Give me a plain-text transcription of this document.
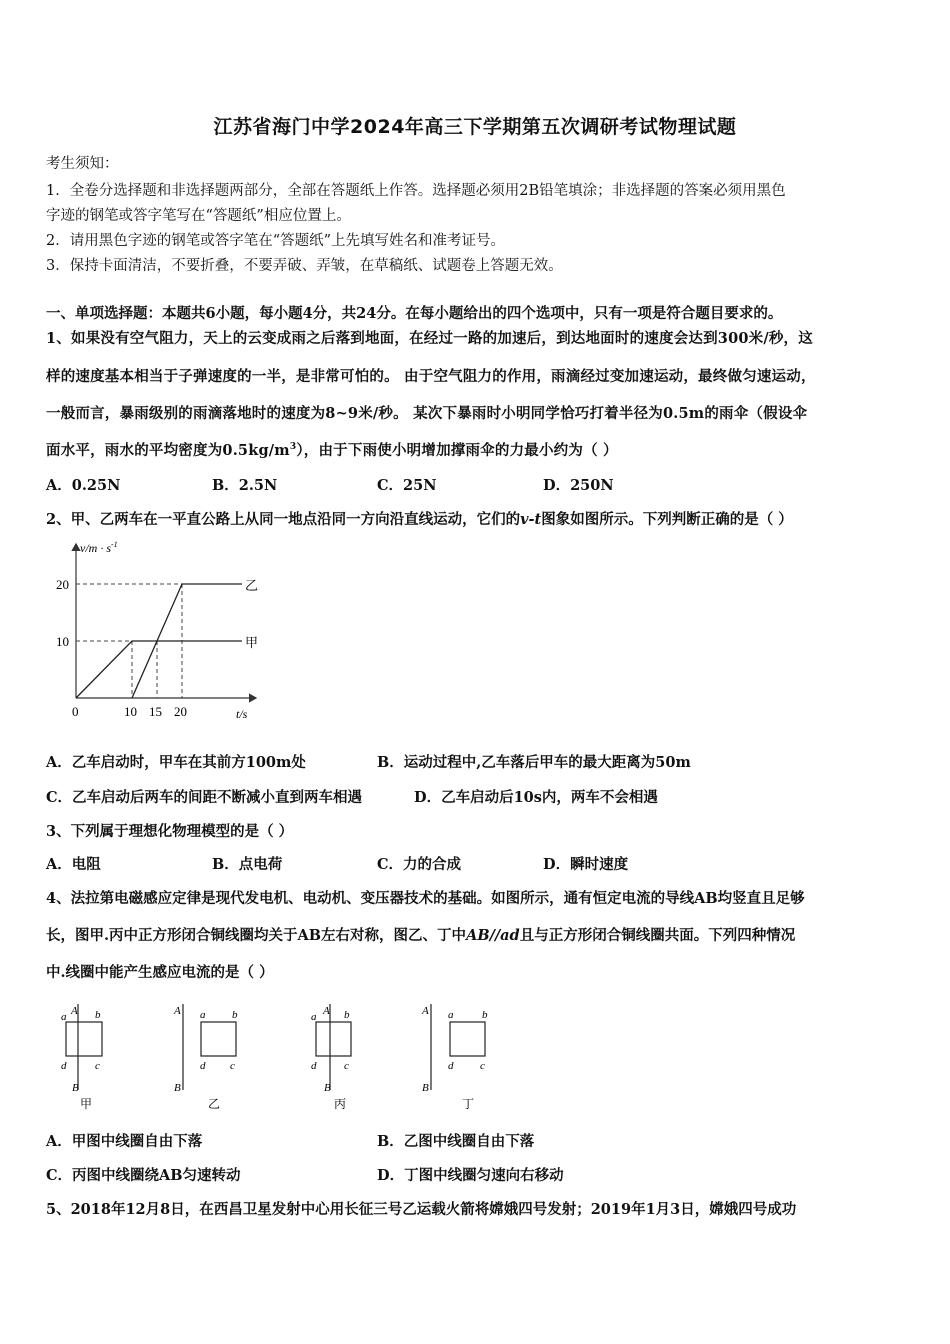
江苏省海门中学2024年高三下学期第五次调研考试物理试题
考生须知：
1．全卷分选择题和非选择题两部分，全部在答题纸上作答。选择题必须用2B铅笔填涂；非选择题的答案必须用黑色
字迹的钢笔或答字笔写在“答题纸”相应位置上。
2．请用黑色字迹的钢笔或答字笔在“答题纸”上先填写姓名和准考证号。
3．保持卡面清洁，不要折叠，不要弄破、弄皱，在草稿纸、试题卷上答题无效。
一、单项选择题：本题共6小题，每小题4分，共24分。在每小题给出的四个选项中，只有一项是符合题目要求的。
1、如果没有空气阻力，天上的云变成雨之后落到地面，在经过一路的加速后，到达地面时的速度会达到300米/秒，这
样的速度基本相当于子弹速度的一半，是非常可怕的。 由于空气阻力的作用，雨滴经过变加速运动，最终做匀速运动，
一般而言，暴雨级别的雨滴落地时的速度为8~9米/秒。 某次下暴雨时小明同学恰巧打着半径为0.5m的雨伞（假设伞
面水平，雨水的平均密度为$0.5kg/m^3$），由于下雨使小明增加撑雨伞的力最小约为（ ）
A．0.25N	B．2.5N	C．25N	D．250N
2、甲、乙两车在一平直公路上从同一地点沿同一方向沿直线运动，它们的v-t图象如图所示。下列判断正确的是（ ）
$v/m \cdot s^{-1}$
20
10
0	10 15 20	t/s
乙
甲
A．乙车启动时，甲车在其前方100m处	B．运动过程中,乙车落后甲车的最大距离为50m
C．乙车启动后两车的间距不断减小直到两车相遇	D．乙车启动后10s内，两车不会相遇
3、下列属于理想化物理模型的是（ ）
A．电阻	B．点电荷	C．力的合成	D．瞬时速度
4、法拉第电磁感应定律是现代发电机、电动机、变压器技术的基础。如图所示，通有恒定电流的导线AB均竖直且足够
长，图甲.丙中正方形闭合铜线圈均关于AB左右对称，图乙、丁中AB//ad且与正方形闭合铜线圈共面。下列四种情况
中.线圈中能产生感应电流的是（ ）
A
a	b
d	c
B
甲
A a b
d c
B
乙
A
a	b
d	c
B
丙
A a	b
d c
B
丁
A．甲图中线圈自由下落	B．乙图中线圈自由下落
C．丙图中线圈绕AB匀速转动	D．丁图中线圈匀速向右移动
5、2018年12月8日，在西昌卫星发射中心用长征三号乙运载火箭将嫦娥四号发射；2019年1月3日，嫦娥四号成功
